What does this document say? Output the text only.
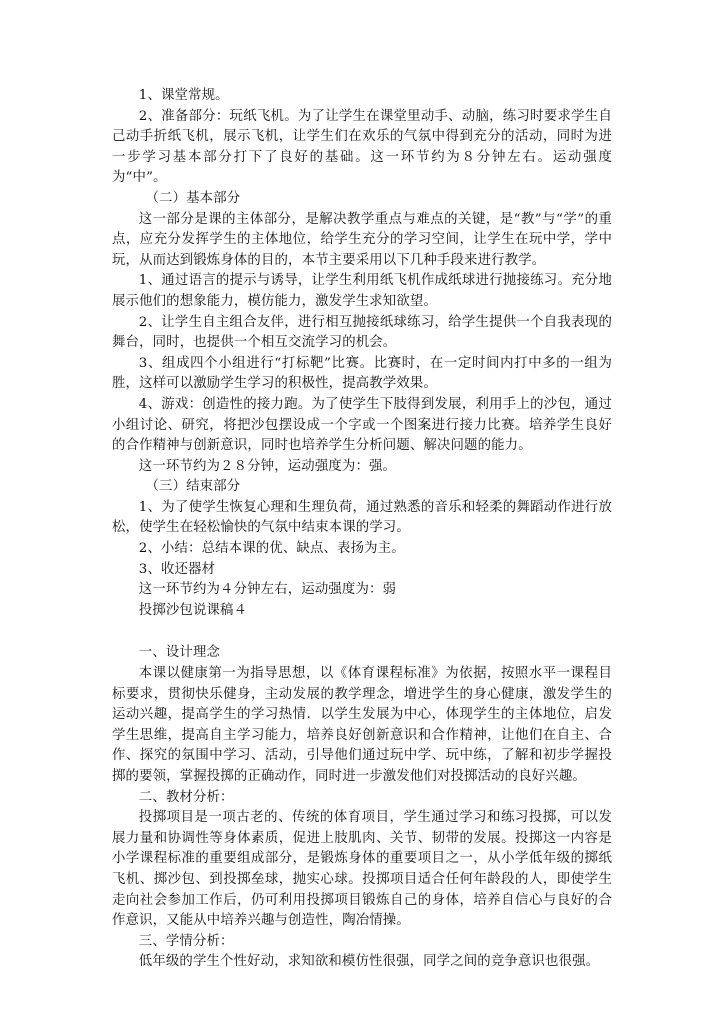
1、课堂常规。

2、准备部分：玩纸飞机。为了让学生在课堂里动手、动脑，练习时要求学生自己动手折纸飞机，展示飞机，让学生们在欢乐的气氛中得到充分的活动，同时为进一步学习基本部分打下了良好的基础。这一环节约为８分钟左右。运动强度为“中”。

（二）基本部分

这一部分是课的主体部分，是解决教学重点与难点的关键，是“教”与“学”的重点，应充分发挥学生的主体地位，给学生充分的学习空间，让学生在玩中学，学中玩，从而达到锻炼身体的目的，本节主要采用以下几种手段来进行教学。

1、通过语言的提示与诱导，让学生利用纸飞机作成纸球进行抛接练习。充分地展示他们的想象能力，模仿能力，激发学生求知欲望。

2、让学生自主组合友伴，进行相互抛接纸球练习，给学生提供一个自我表现的舞台，同时，也提供一个相互交流学习的机会。

3、组成四个小组进行“打标靶”比赛。比赛时，在一定时间内打中多的一组为胜，这样可以激励学生学习的积极性，提高教学效果。

4、游戏：创造性的接力跑。为了使学生下肢得到发展，利用手上的沙包，通过小组讨论、研究，将把沙包摆设成一个字或一个图案进行接力比赛。培养学生良好的合作精神与创新意识，同时也培养学生分析问题、解决问题的能力。

这一环节约为２８分钟，运动强度为：强。

（三）结束部分

1、为了使学生恢复心理和生理负荷，通过熟悉的音乐和轻柔的舞蹈动作进行放松，使学生在轻松愉快的气氛中结束本课的学习。

2、小结：总结本课的优、缺点、表扬为主。

3、收还器材

这一环节约为４分钟左右，运动强度为：弱

投掷沙包说课稿４

一、设计理念

本课以健康第一为指导思想，以《体育课程标准》为依据，按照水平一课程目标要求，贯彻快乐健身，主动发展的教学理念，增进学生的身心健康，激发学生的运动兴趣，提高学生的学习热情．以学生发展为中心，体现学生的主体地位，启发学生思维，提高自主学习能力，培养良好创新意识和合作精神，让他们在自主、合作、探究的氛围中学习、活动，引导他们通过玩中学、玩中练，了解和初步学握投掷的要领，掌握投掷的正确动作，同时进一步激发他们对投掷活动的良好兴趣。

二、教材分析：

投掷项目是一项古老的、传统的体育项目，学生通过学习和练习投掷，可以发展力量和协调性等身体素质，促进上肢肌肉、关节、韧带的发展。投掷这一内容是小学课程标准的重要组成部分，是锻炼身体的重要项目之一，从小学低年级的掷纸飞机、掷沙包、到投掷垒球，抛实心球。投掷项目适合任何年龄段的人，即使学生走向社会参加工作后，仍可利用投掷项目锻炼自己的身体，培养自信心与良好的合作意识，又能从中培养兴趣与创造性，陶冶情操。

三、学情分析：

低年级的学生个性好动，求知欲和模仿性很强，同学之间的竞争意识也很强。
